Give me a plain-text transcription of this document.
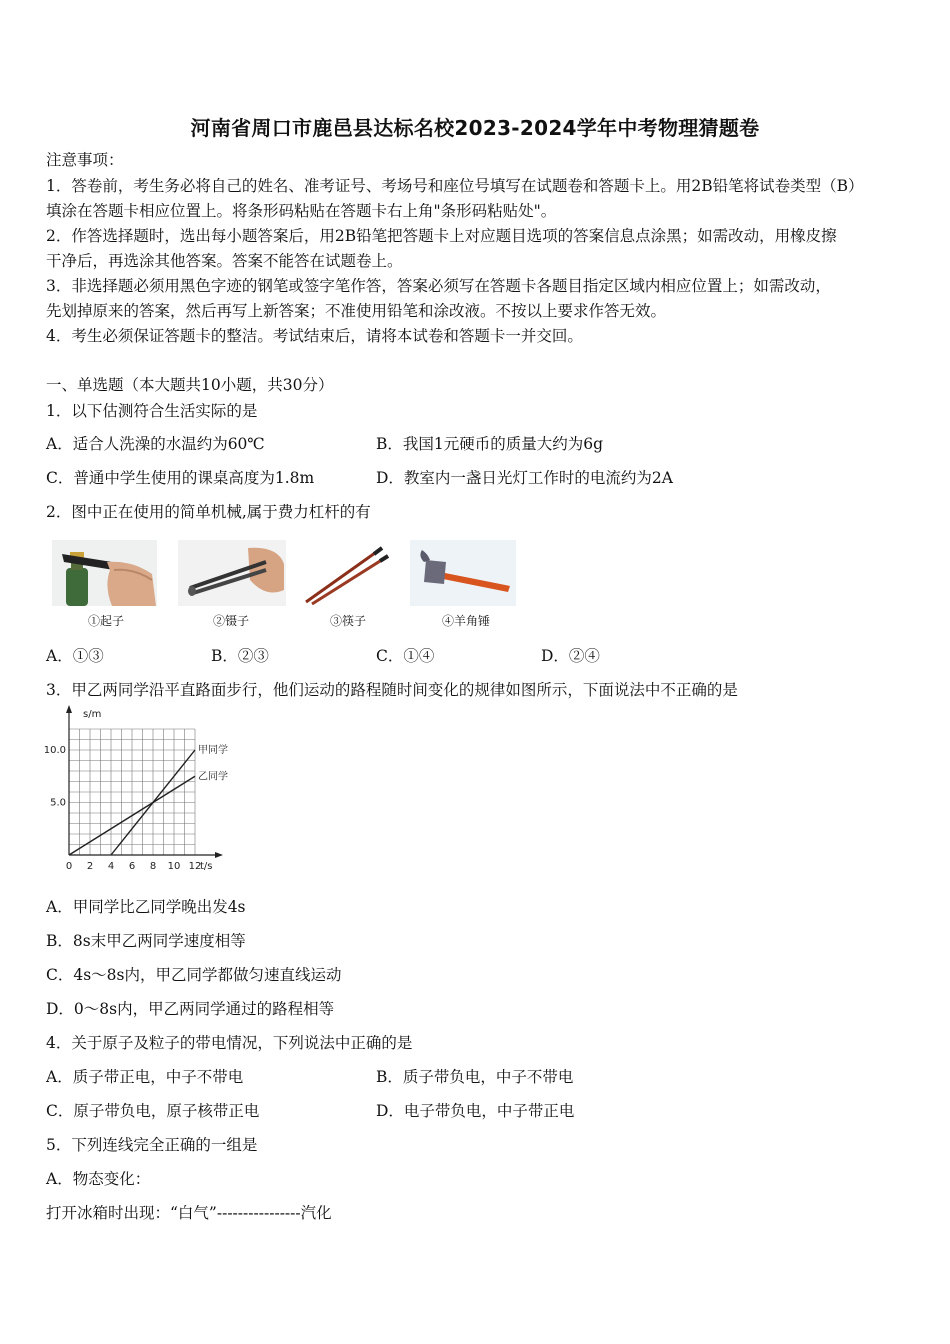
河南省周口市鹿邑县达标名校2023-2024学年中考物理猜题卷
注意事项：
1．答卷前，考生务必将自己的姓名、准考证号、考场号和座位号填写在试题卷和答题卡上。用2B铅笔将试卷类型（B）
填涂在答题卡相应位置上。将条形码粘贴在答题卡右上角"条形码粘贴处"。
2．作答选择题时，选出每小题答案后，用2B铅笔把答题卡上对应题目选项的答案信息点涂黑；如需改动，用橡皮擦
干净后，再选涂其他答案。答案不能答在试题卷上。
3．非选择题必须用黑色字迹的钢笔或签字笔作答，答案必须写在答题卡各题目指定区域内相应位置上；如需改动，
先划掉原来的答案，然后再写上新答案；不准使用铅笔和涂改液。不按以上要求作答无效。
4．考生必须保证答题卡的整洁。考试结束后，请将本试卷和答题卡一并交回。
一、单选题（本大题共10小题，共30分）
1．以下估测符合生活实际的是
A．适合人洗澡的水温约为60℃	B．我国1元硬币的质量大约为6g
C．普通中学生使用的课桌高度为1.8m	D．教室内一盏日光灯工作时的电流约为2A
2．图中正在使用的简单机械,属于费力杠杆的有
①起子	②镊子	③筷子	④羊角锤
A．①③	B．②③	C．①④	D．②④
3．甲乙两同学沿平直路面步行，他们运动的路程随时间变化的规律如图所示，下面说法中不正确的是
s/m
t/s
0 2 4 6 8 10 12
5.0
10.0	甲同学
乙同学
A．甲同学比乙同学晚出发4s
B．8s末甲乙两同学速度相等
C．4s～8s内，甲乙同学都做匀速直线运动
D．0～8s内，甲乙两同学通过的路程相等
4．关于原子及粒子的带电情况，下列说法中正确的是
A．质子带正电，中子不带电	B．质子带负电，中子不带电
C．原子带负电，原子核带正电	D．电子带负电，中子带正电
5．下列连线完全正确的一组是
A．物态变化：
打开冰箱时出现：“白气”----------------汽化
